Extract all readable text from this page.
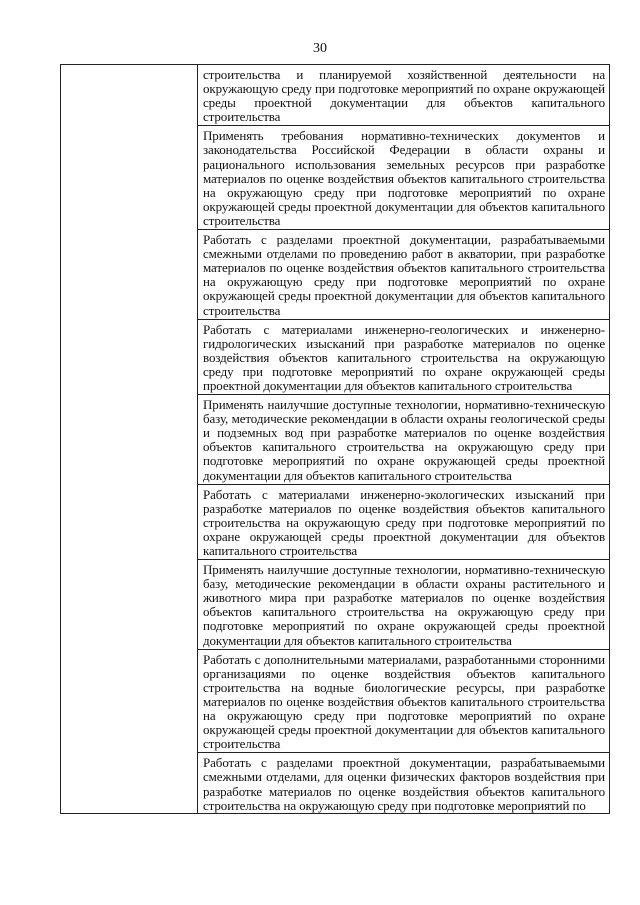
30

строительства и планируемой хозяйственной деятельности на окружающую среду при подготовке мероприятий по охране окружающей среды проектной документации для объектов капитального строительства

Применять требования нормативно-технических документов и законодательства Российской Федерации в области охраны и рационального использования земельных ресурсов при разработке материалов по оценке воздействия объектов капитального строительства на окружающую среду при подготовке мероприятий по охране окружающей среды проектной документации для объектов капитального строительства

Работать с разделами проектной документации, разрабатываемыми смежными отделами по проведению работ в акватории, при разработке материалов по оценке воздействия объектов капитального строительства на окружающую среду при подготовке мероприятий по охране окружающей среды проектной документации для объектов капитального строительства

Работать с материалами инженерно-геологических и инженерно-гидрологических изысканий при разработке материалов по оценке воздействия объектов капитального строительства на окружающую среду при подготовке мероприятий по охране окружающей среды проектной документации для объектов капитального строительства

Применять наилучшие доступные технологии, нормативно-техническую базу, методические рекомендации в области охраны геологической среды и подземных вод при разработке материалов по оценке воздействия объектов капитального строительства на окружающую среду при подготовке мероприятий по охране окружающей среды проектной документации для объектов капитального строительства

Работать с материалами инженерно-экологических изысканий при разработке материалов по оценке воздействия объектов капитального строительства на окружающую среду при подготовке мероприятий по охране окружающей среды проектной документации для объектов капитального строительства

Применять наилучшие доступные технологии, нормативно-техническую базу, методические рекомендации в области охраны растительного и животного мира при разработке материалов по оценке воздействия объектов капитального строительства на окружающую среду при подготовке мероприятий по охране окружающей среды проектной документации для объектов капитального строительства

Работать с дополнительными материалами, разработанными сторонними организациями по оценке воздействия объектов капитального строительства на водные биологические ресурсы, при разработке материалов по оценке воздействия объектов капитального строительства на окружающую среду при подготовке мероприятий по охране окружающей среды проектной документации для объектов капитального строительства

Работать с разделами проектной документации, разрабатываемыми смежными отделами, для оценки физических факторов воздействия при разработке материалов по оценке воздействия объектов капитального строительства на окружающую среду при подготовке мероприятий по
